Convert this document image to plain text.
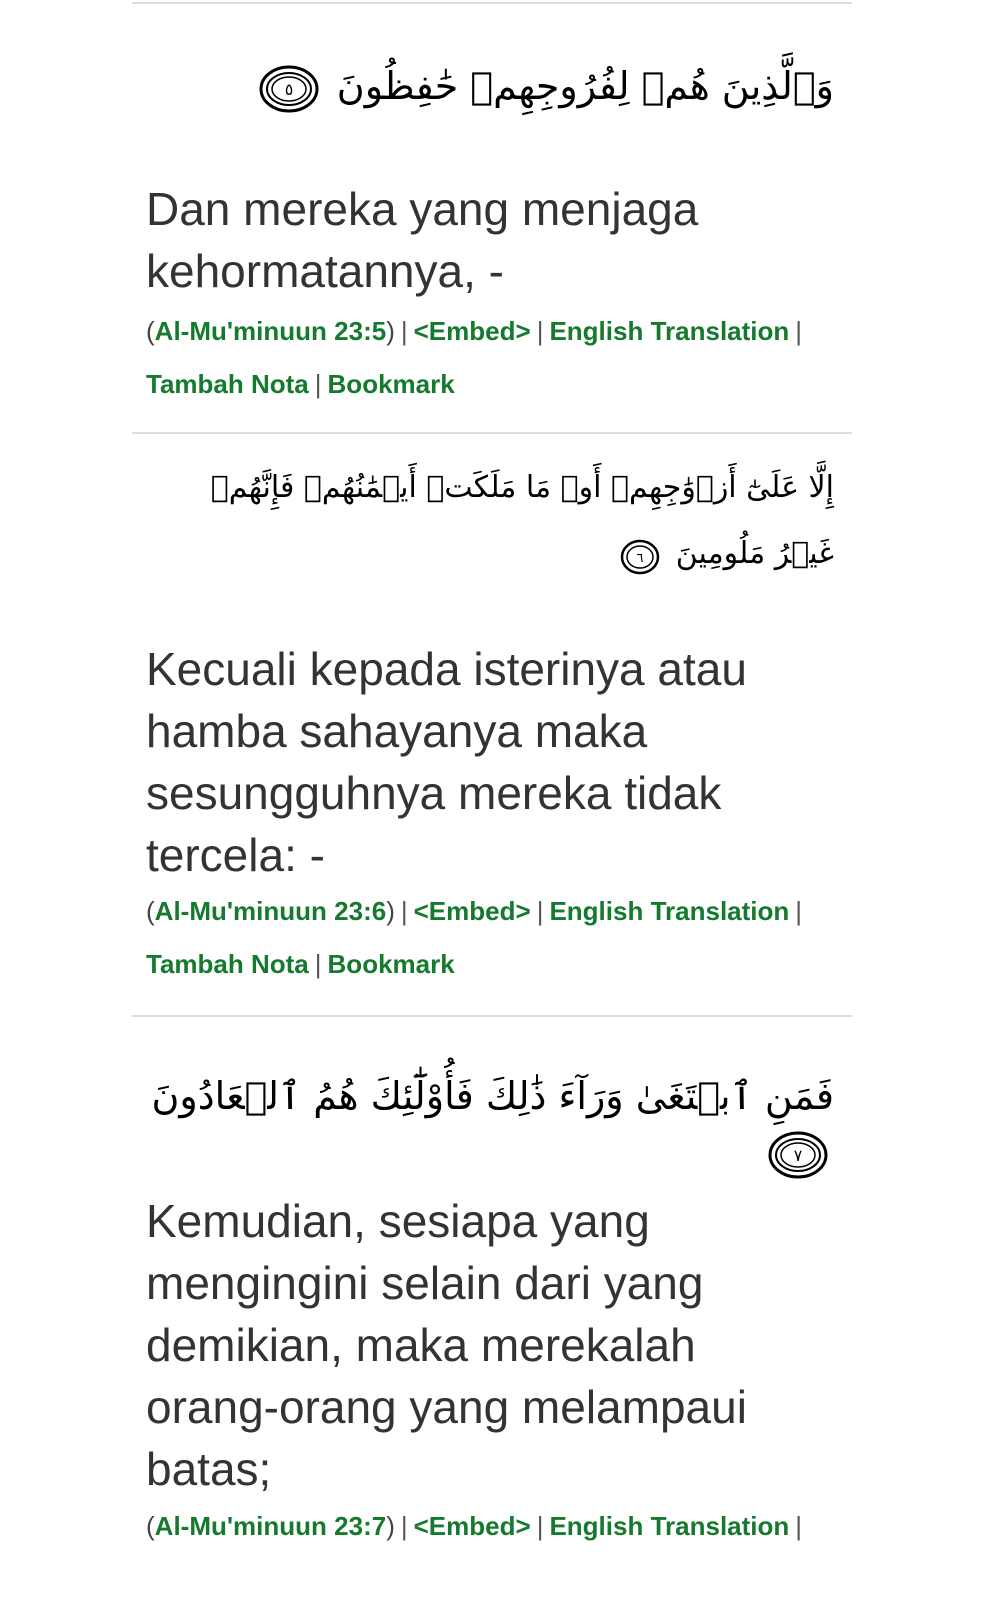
وَٱلَّذِينَ هُمۡ لِفُرُوجِهِمۡ حَٰفِظُونَ
٥
Dan mereka yang menjaga kehormatannya, -
(Al-Mu'minuun 23:5) | <Embed> | English Translation |
Tambah Nota | Bookmark
إِلَّا عَلَىٰٓ أَزۡوَٰجِهِمۡ أَوۡ مَا مَلَكَتۡ أَيۡمَٰنُهُمۡ فَإِنَّهُمۡ
غَيۡرُ مَلُومِينَ
٦
Kecuali kepada isterinya atau hamba sahayanya maka sesungguhnya mereka tidak tercela: -
(Al-Mu'minuun 23:6) | <Embed> | English Translation |
Tambah Nota | Bookmark
فَمَنِ ٱبۡتَغَىٰ وَرَآءَ ذَٰلِكَ فَأُوْلَٰٓئِكَ هُمُ ٱلۡعَادُونَ
٧
Kemudian, sesiapa yang mengingini selain dari yang demikian, maka merekalah orang-orang yang melampaui batas;
(Al-Mu'minuun 23:7) | <Embed> | English Translation |
